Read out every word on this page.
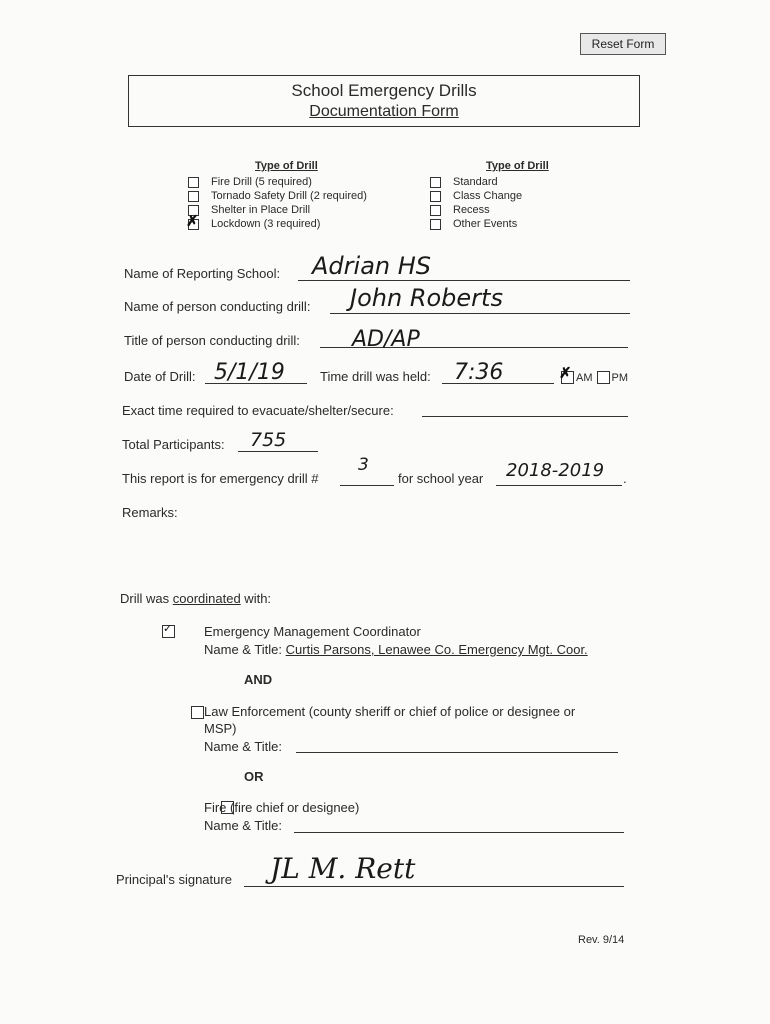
Reset Form
School Emergency Drills
Documentation Form
Type of Drill
Fire Drill (5 required)
Tornado Safety Drill (2 required)
Shelter in Place Drill
✗ Lockdown (3 required)
Type of Drill
Standard
Class Change
Recess
Other Events
Name of Reporting School: Adrian HS
Name of person conducting drill: John Roberts
Title of person conducting drill: AD/AP
Date of Drill: 5/1/19	Time drill was held: 7:36	✗ AM PM
Exact time required to evacuate/shelter/secure:
Total Participants: 755
This report is for emergency drill #
3
for school year 2018-2019 .
Remarks:
Drill was coordinated with:
✓
Emergency Management Coordinator
Name & Title: Curtis Parsons, Lenawee Co. Emergency Mgt. Coor.
AND

Law Enforcement (county sheriff or chief of police or designee or
MSP)
Name & Title:
OR
Fire (fire chief or designee)
Name & Title:
Principal's signature JL M. Rett
Rev. 9/14
